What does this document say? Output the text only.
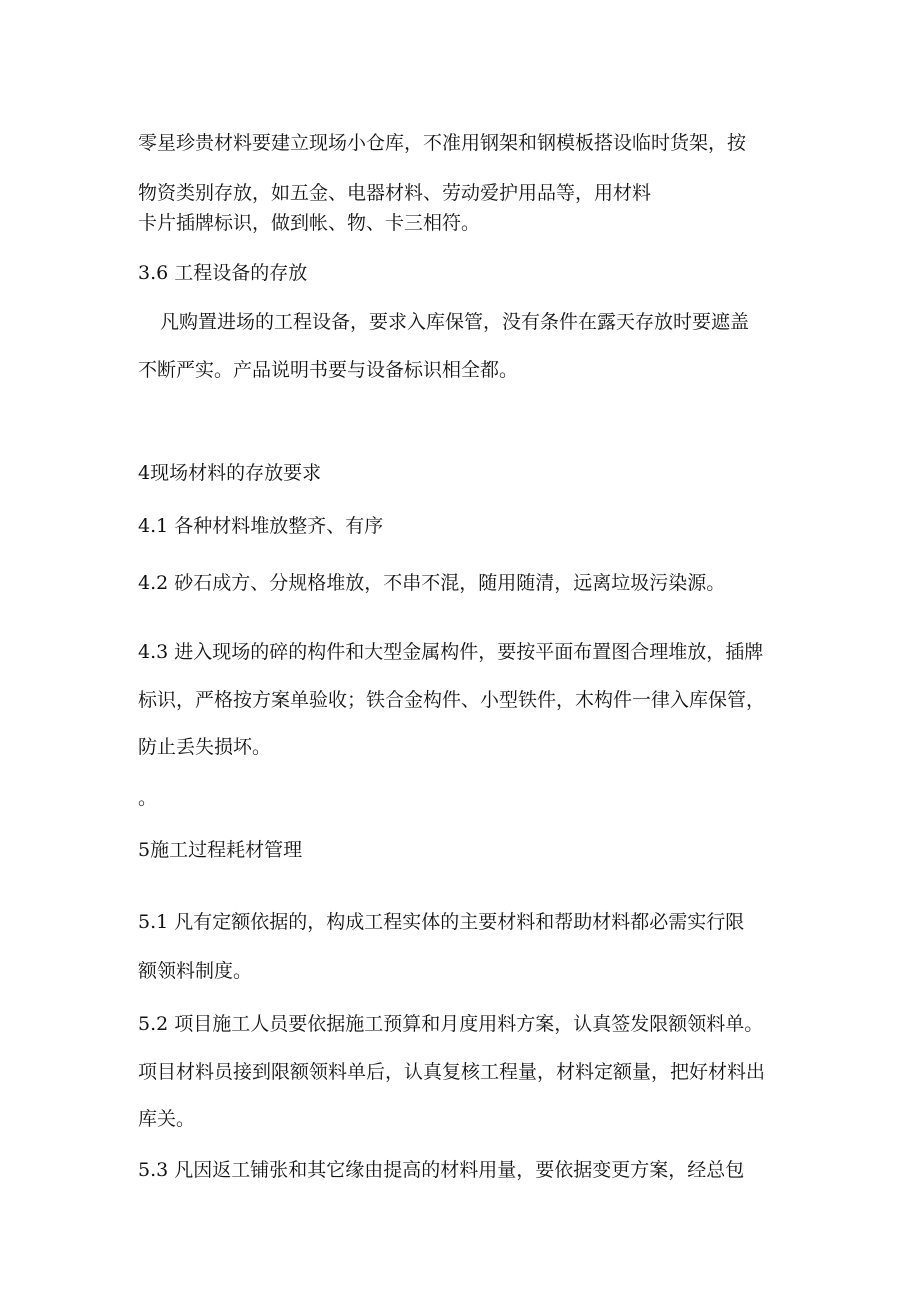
零星珍贵材料要建立现场小仓库，不准用钢架和钢模板搭设临时货架，按
物资类别存放，如五金、电器材料、劳动爱护用品等，用材料
卡片插牌标识，做到帐、物、卡三相符。
3.6 工程设备的存放
凡购置进场的工程设备，要求入库保管，没有条件在露天存放时要遮盖
不断严实。产品说明书要与设备标识相全都。
4现场材料的存放要求
4.1 各种材料堆放整齐、有序
4.2 砂石成方、分规格堆放，不串不混，随用随清，远离垃圾污染源。
4.3 进入现场的碎的构件和大型金属构件，要按平面布置图合理堆放，插牌
标识，严格按方案单验收；铁合金构件、小型铁件，木构件一律入库保管，
防止丢失损坏。
。
5施工过程耗材管理
5.1 凡有定额依据的，构成工程实体的主要材料和帮助材料都必需实行限
额领料制度。
5.2 项目施工人员要依据施工预算和月度用料方案，认真签发限额领料单。
项目材料员接到限额领料单后，认真复核工程量，材料定额量，把好材料出
库关。
5.3 凡因返工铺张和其它缘由提高的材料用量，要依据变更方案，经总包
